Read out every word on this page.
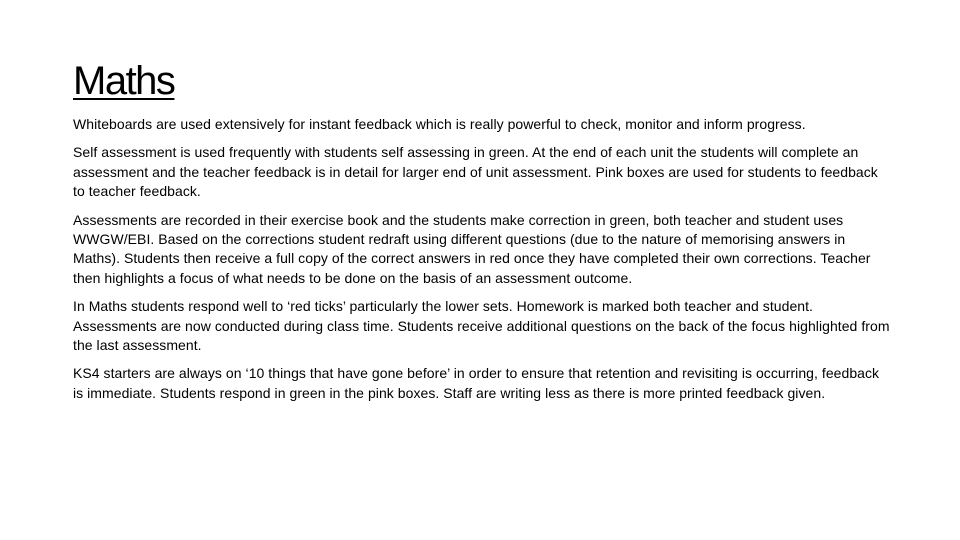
Maths

Whiteboards are used extensively for instant feedback which is really powerful to check, monitor and inform progress.

Self assessment is used frequently with students self assessing in green. At the end of each unit the students will complete an assessment and the teacher feedback is in detail for larger end of unit assessment. Pink boxes are used for students to feedback to teacher feedback.

Assessments are recorded in their exercise book and the students make correction in green, both teacher and student uses WWGW/EBI. Based on the corrections student redraft using different questions (due to the nature of memorising answers in Maths). Students then receive a full copy of the correct answers in red once they have completed their own corrections. Teacher then highlights a focus of what needs to be done on the basis of an assessment outcome.

In Maths students respond well to ‘red ticks’ particularly the lower sets. Homework is marked both teacher and student. Assessments are now conducted during class time. Students receive additional questions on the back of the focus highlighted from the last assessment.

KS4 starters are always on ‘10 things that have gone before’ in order to ensure that retention and revisiting is occurring, feedback is immediate. Students respond in green in the pink boxes. Staff are writing less as there is more printed feedback given.
